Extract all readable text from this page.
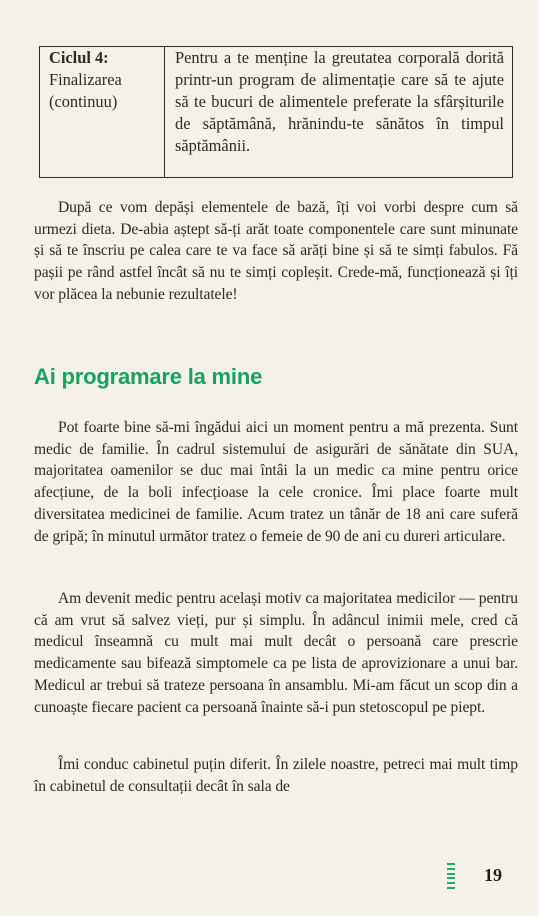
Ciclul 4:
Finalizarea
(continuu)
Pentru a te menține la greutatea corporală dorită printr-un program de alimentație care să te ajute să te bucuri de alimentele preferate la sfârșiturile de săptămână, hrănindu-te sănătos în timpul săptămânii.

După ce vom depăși elementele de bază, îți voi vorbi despre cum să urmezi dieta. De-abia aștept să-ți arăt toate componentele care sunt minunate și să te înscriu pe calea care te va face să arăți bine și să te simți fabulos. Fă pașii pe rând astfel încât să nu te simți copleșit. Crede-mă, funcționează și îți vor plăcea la nebunie rezultatele!

Ai programare la mine

Pot foarte bine să-mi îngădui aici un moment pentru a mă prezenta. Sunt medic de familie. În cadrul sistemului de asigurări de sănătate din SUA, majoritatea oamenilor se duc mai întâi la un medic ca mine pentru orice afecțiune, de la boli infecțioase la cele cronice. Îmi place foarte mult diversitatea medicinei de familie. Acum tratez un tânăr de 18 ani care suferă de gripă; în minutul următor tratez o femeie de 90 de ani cu dureri articulare.

Am devenit medic pentru același motiv ca majoritatea medicilor — pentru că am vrut să salvez vieți, pur și simplu. În adâncul inimii mele, cred că medicul înseamnă cu mult mai mult decât o persoană care prescrie medicamente sau bifează simptomele ca pe lista de aprovizionare a unui bar. Medicul ar trebui să trateze persoana în ansamblu. Mi-am făcut un scop din a cunoaște fiecare pacient ca persoană înainte să-i pun stetoscopul pe piept.

Îmi conduc cabinetul puțin diferit. În zilele noastre, petreci mai mult timp în cabinetul de consultații decât în sala de

19
